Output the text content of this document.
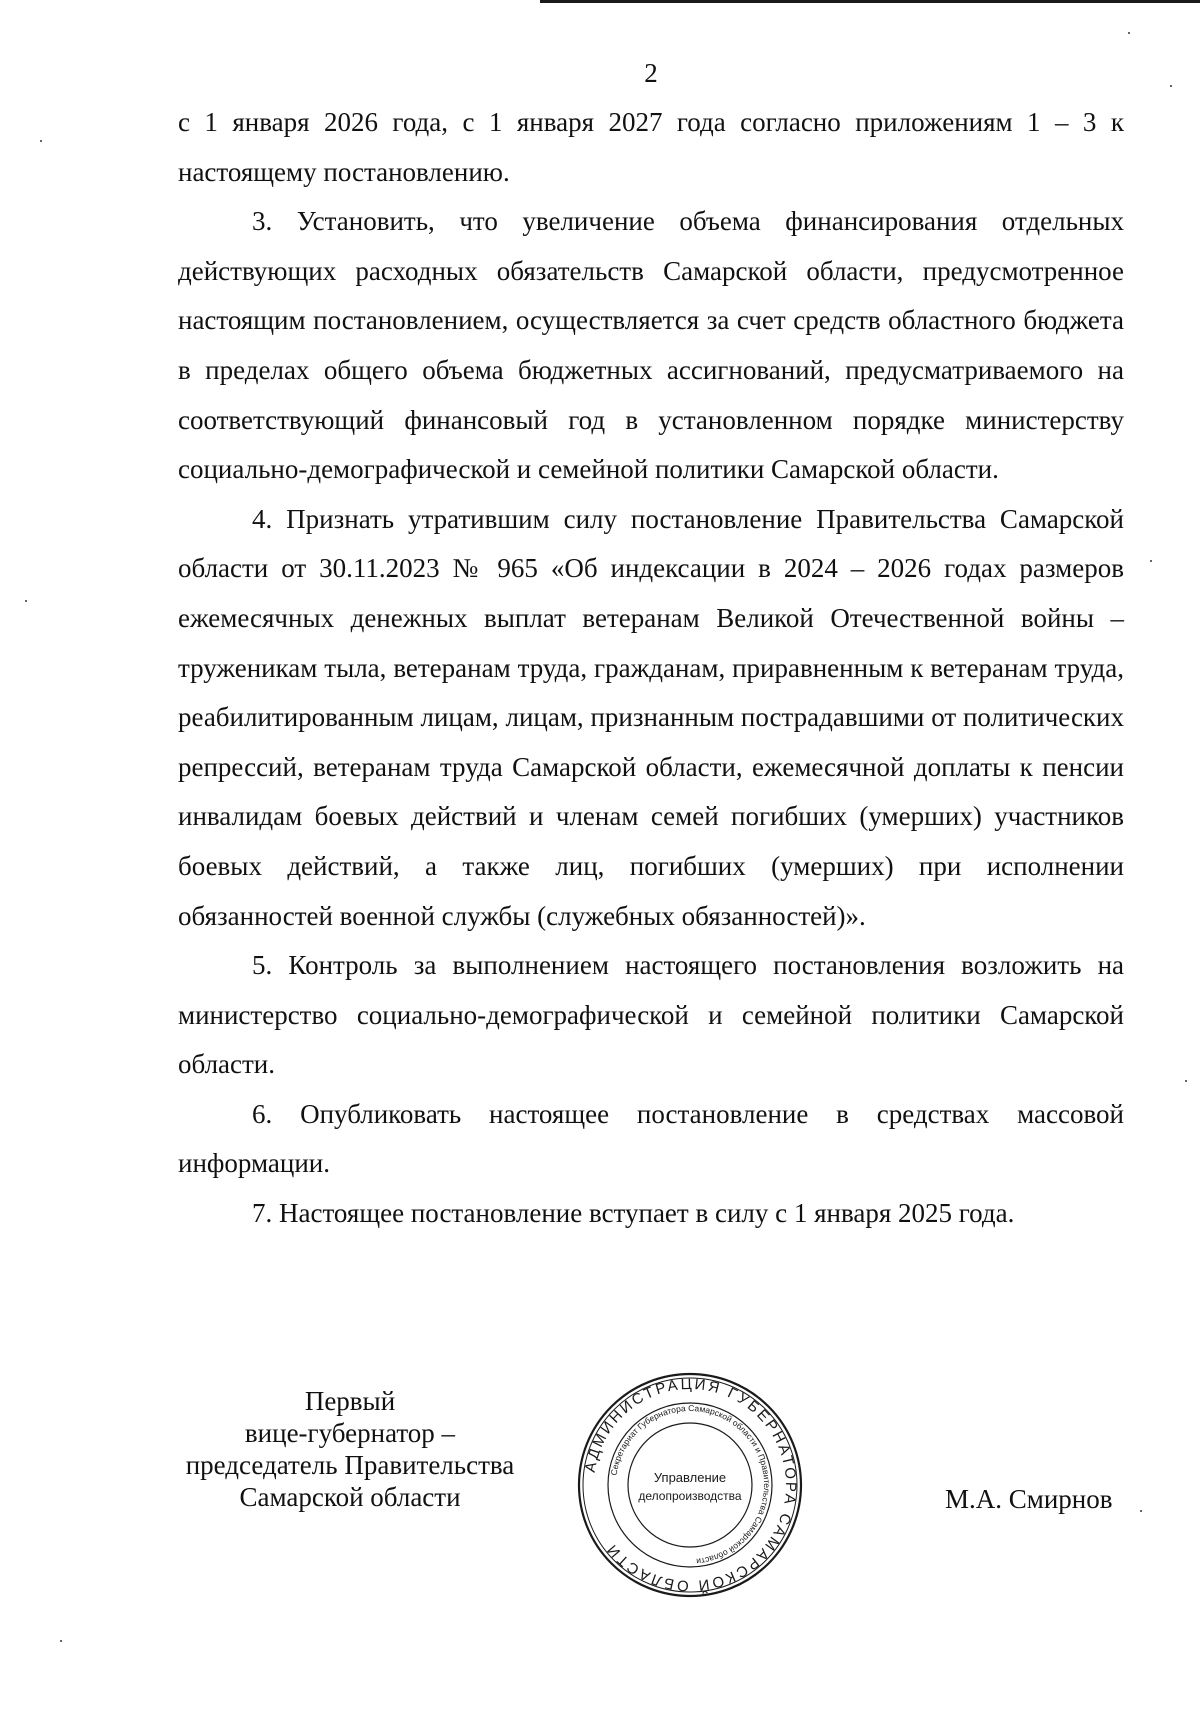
2

с 1 января 2026 года, с 1 января 2027 года согласно приложениям 1 – 3 к настоящему постановлению.

3. Установить, что увеличение объема финансирования отдельных действующих расходных обязательств Самарской области, предусмотренное настоящим постановлением, осуществляется за счет средств областного бюджета в пределах общего объема бюджетных ассигнований, предусматриваемого на соответствующий финансовый год в установленном порядке министерству социально-демографической и семейной политики Самарской области.

4. Признать утратившим силу постановление Правительства Самарской области от 30.11.2023 № 965 «Об индексации в 2024 – 2026 годах размеров ежемесячных денежных выплат ветеранам Великой Отечественной войны – труженикам тыла, ветеранам труда, гражданам, приравненным к ветеранам труда, реабилитированным лицам, лицам, признанным пострадавшими от политических репрессий, ветеранам труда Самарской области, ежемесячной доплаты к пенсии инвалидам боевых действий и членам семей погибших (умерших) участников боевых действий, а также лиц, погибших (умерших) при исполнении обязанностей военной службы (служебных обязанностей)».

5. Контроль за выполнением настоящего постановления возложить на министерство социально-демографической и семейной политики Самарской области.

6. Опубликовать настоящее постановление в средствах массовой информации.

7. Настоящее постановление вступает в силу с 1 января 2025 года.

Первый
вице-губернатор –
председатель Правительства
Самарской области
АДМИНИСТРАЦИЯ ГУБЕРНАТОРА САМАРСКОЙ ОБЛАСТИ
Секретариат Губернатора Самарской области и Правительства Самарской области
Управление
делопроизводства	М.А. Смирнов
